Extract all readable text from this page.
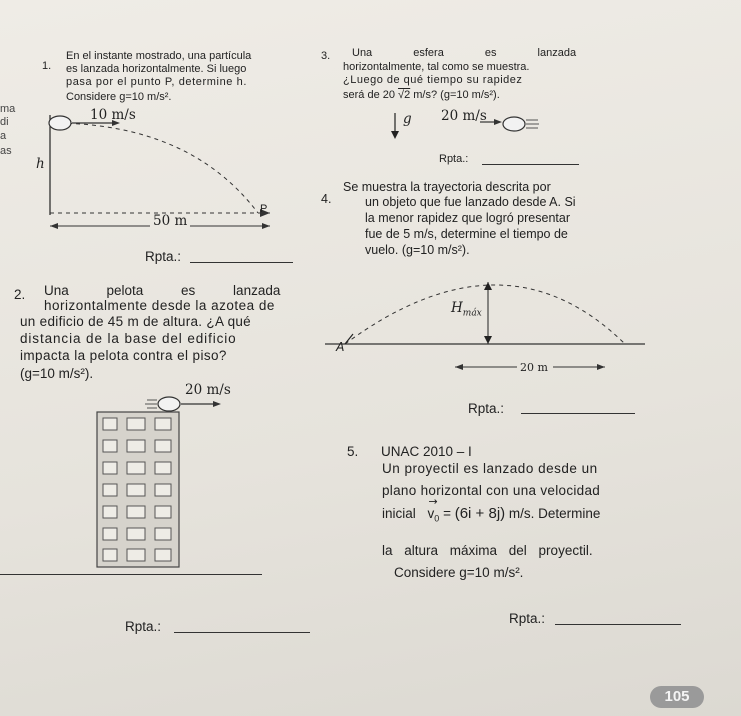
ma
di
a
as
1.
En el instante mostrado, una partícula
es lanzada horizontalmente. Si luego
pasa por el punto P, determine h.
Considere g=10 m/s².
10 m/s
h
P
50 m
Rpta.:
2. Una pelota es lanzada
horizontalmente desde la azotea de
un edificio de 45 m de altura. ¿A qué
distancia de la base del edificio
impacta la pelota contra el piso?
(g=10 m/s²).
20 m/s
Rpta.:
3. Una esfera es lanzada
horizontalmente, tal como se muestra.
¿Luego de qué tiempo su rapidez
será de 20 √2 m/s? (g=10 m/s²).
g 20 m/s
Rpta.:
4.
Se muestra la trayectoria descrita por
un objeto que fue lanzado desde A. Si
la menor rapidez que logró presentar
fue de 5 m/s, determine el tiempo de
vuelo. (g=10 m/s²).
$H_{máx}$
A
20 m
Rpta.:
5. UNAC 2010 – I
Un proyectil es lanzado desde un
plano horizontal con una velocidad
inicial
→
$v_0 = (6i + 8j)$ m/s. Determine
la altura máxima del proyectil.
Considere g=10 m/s².
Rpta.:
105
